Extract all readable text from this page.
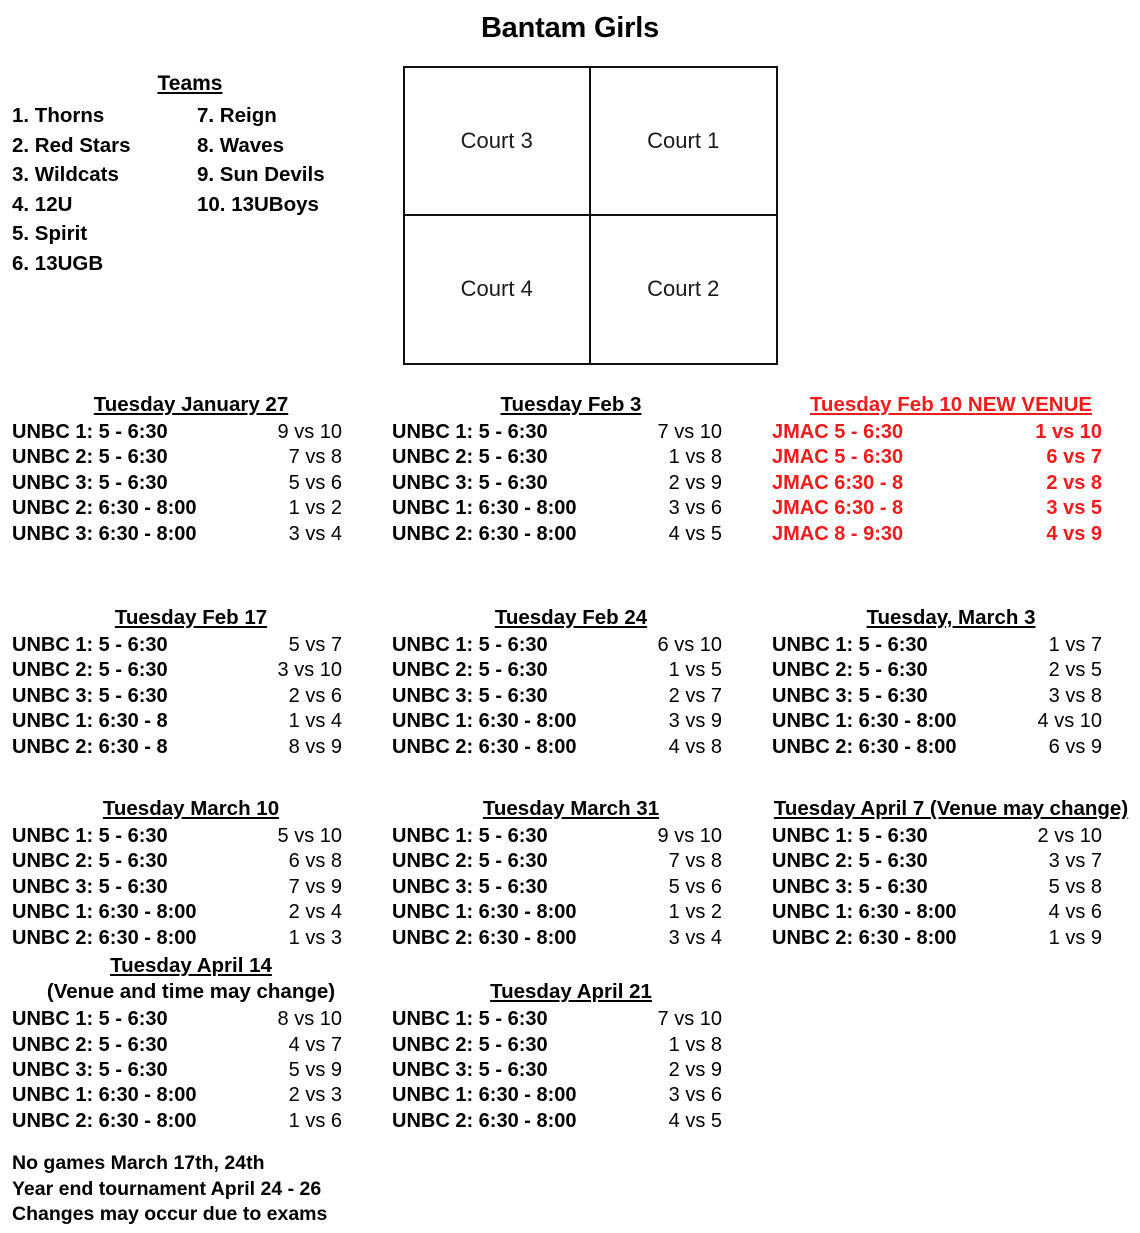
Bantam Girls
Teams
1. Thorns
2. Red Stars
3. Wildcats
4. 12U
5. Spirit
6. 13UGB
7. Reign
8. Waves
9. Sun Devils
10. 13UBoys
Court 3	Court 1
Court 4	Court 2
Tuesday January 27
UNBC 1: 5 - 6:30	9 vs 10
UNBC 2: 5 - 6:30	7 vs 8
UNBC 3: 5 - 6:30	5 vs 6
UNBC 2: 6:30 - 8:00	1 vs 2
UNBC 3: 6:30 - 8:00	3 vs 4
Tuesday Feb 3
UNBC 1: 5 - 6:30	7 vs 10
UNBC 2: 5 - 6:30	1 vs 8
UNBC 3: 5 - 6:30	2 vs 9
UNBC 1: 6:30 - 8:00	3 vs 6
UNBC 2: 6:30 - 8:00	4 vs 5
Tuesday Feb 10 NEW VENUE
JMAC 5 - 6:30	1 vs 10
JMAC 5 - 6:30	6 vs 7
JMAC 6:30 - 8	2 vs 8
JMAC 6:30 - 8	3 vs 5
JMAC 8 - 9:30	4 vs 9
Tuesday Feb 17
UNBC 1: 5 - 6:30	5 vs 7
UNBC 2: 5 - 6:30	3 vs 10
UNBC 3: 5 - 6:30	2 vs 6
UNBC 1: 6:30 - 8	1 vs 4
UNBC 2: 6:30 - 8	8 vs 9
Tuesday Feb 24
UNBC 1: 5 - 6:30	6 vs 10
UNBC 2: 5 - 6:30	1 vs 5
UNBC 3: 5 - 6:30	2 vs 7
UNBC 1: 6:30 - 8:00	3 vs 9
UNBC 2: 6:30 - 8:00	4 vs 8
Tuesday, March 3
UNBC 1: 5 - 6:30	1 vs 7
UNBC 2: 5 - 6:30	2 vs 5
UNBC 3: 5 - 6:30	3 vs 8
UNBC 1: 6:30 - 8:00	4 vs 10
UNBC 2: 6:30 - 8:00	6 vs 9
Tuesday March 10
UNBC 1: 5 - 6:30	5 vs 10
UNBC 2: 5 - 6:30	6 vs 8
UNBC 3: 5 - 6:30	7 vs 9
UNBC 1: 6:30 - 8:00	2 vs 4
UNBC 2: 6:30 - 8:00	1 vs 3
Tuesday March 31
UNBC 1: 5 - 6:30	9 vs 10
UNBC 2: 5 - 6:30	7 vs 8
UNBC 3: 5 - 6:30	5 vs 6
UNBC 1: 6:30 - 8:00	1 vs 2
UNBC 2: 6:30 - 8:00	3 vs 4
Tuesday April 7 (Venue may change)
UNBC 1: 5 - 6:30	2 vs 10
UNBC 2: 5 - 6:30	3 vs 7
UNBC 3: 5 - 6:30	5 vs 8
UNBC 1: 6:30 - 8:00	4 vs 6
UNBC 2: 6:30 - 8:00	1 vs 9
Tuesday April 14
(Venue and time may change)
UNBC 1: 5 - 6:30	8 vs 10
UNBC 2: 5 - 6:30	4 vs 7
UNBC 3: 5 - 6:30	5 vs 9
UNBC 1: 6:30 - 8:00	2 vs 3
UNBC 2: 6:30 - 8:00	1 vs 6
Tuesday April 21
UNBC 1: 5 - 6:30	7 vs 10
UNBC 2: 5 - 6:30	1 vs 8
UNBC 3: 5 - 6:30	2 vs 9
UNBC 1: 6:30 - 8:00	3 vs 6
UNBC 2: 6:30 - 8:00	4 vs 5
No games March 17th, 24th
Year end tournament April 24 - 26
Changes may occur due to exams
